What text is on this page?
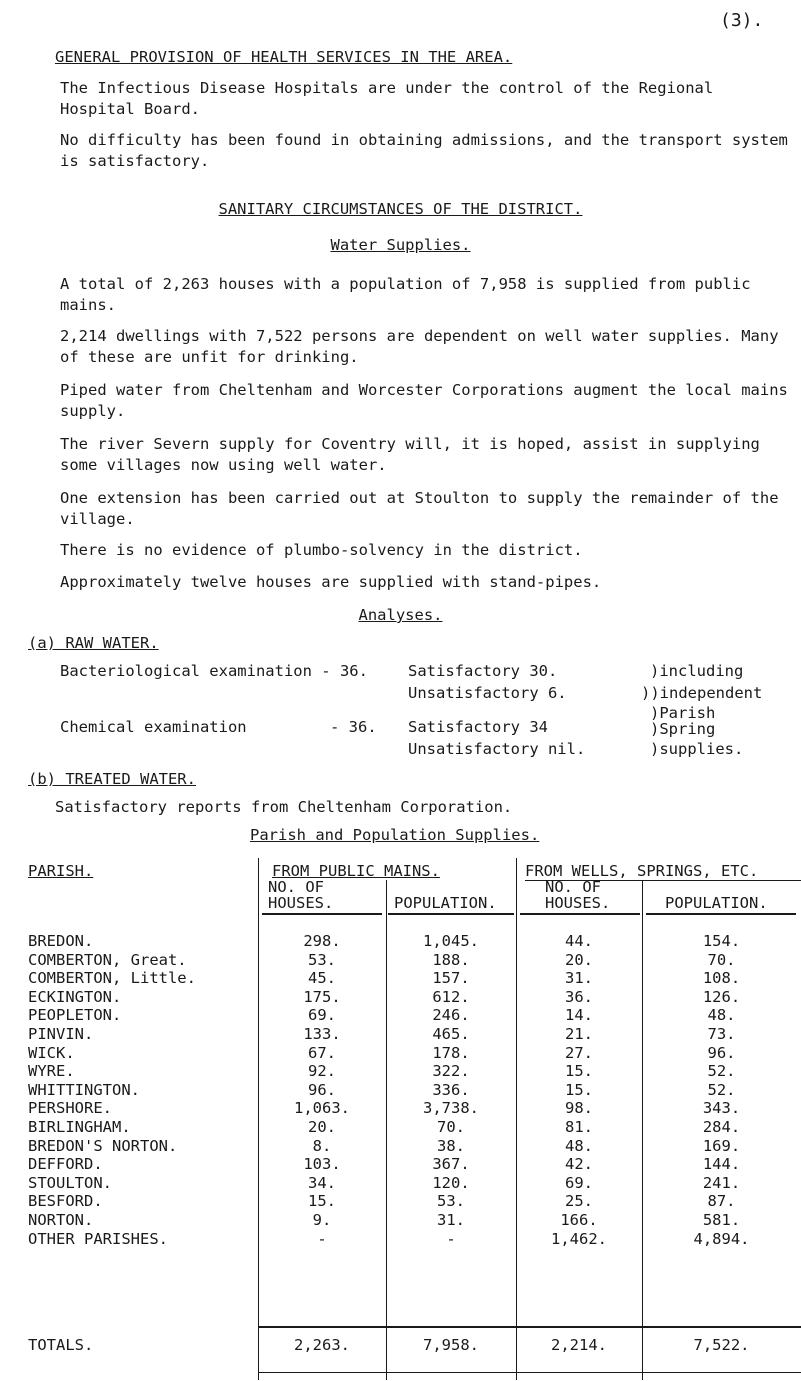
(3).
GENERAL PROVISION OF HEALTH SERVICES IN THE AREA.
The Infectious Disease Hospitals are under the control of the Regional Hospital Board.
No difficulty has been found in obtaining admissions, and the transport system is satisfactory.
SANITARY CIRCUMSTANCES OF THE DISTRICT.
Water Supplies.
A total of 2,263 houses with a population of 7,958 is supplied from public mains.
2,214 dwellings with 7,522 persons are dependent on well water supplies. Many of these are unfit for drinking.
Piped water from Cheltenham and Worcester Corporations augment the local mains supply.
The river Severn supply for Coventry will, it is hoped, assist in supplying some villages now using well water.
One extension has been carried out at Stoulton to supply the remainder of the village.
There is no evidence of plumbo-solvency in the district.
Approximately twelve houses are supplied with stand-pipes.
Analyses.
(a) RAW WATER.
Bacteriological examination - 36.	Satisfactory 30.
Unsatisfactory 6.
Chemical examination	- 36. Satisfactory 34
Unsatisfactory nil.
)including
))independent
)Parish
)Spring
)supplies.
(b) TREATED WATER.
Satisfactory reports from Cheltenham Corporation.
Parish and Population Supplies.
PARISH.	FROM PUBLIC MAINS.	FROM WELLS, SPRINGS, ETC.
NO. OF
HOUSES.	POPULATION.
NO. OF
HOUSES.	POPULATION.
BREDON.	298.	1,045.	44.	154.
COMBERTON, Great.	53.	188.	20.	70.
COMBERTON, Little.	45.	157.	31.	108.
ECKINGTON.	175.	612.	36.	126.
PEOPLETON.	69.	246.	14.	48.
PINVIN.	133.	465.	21.	73.
WICK.	67.	178.	27.	96.
WYRE.	92.	322.	15.	52.
WHITTINGTON.	96.	336.	15.	52.
PERSHORE.	1,063.	3,738.	98.	343.
BIRLINGHAM.	20.	70.	81.	284.
BREDON'S NORTON.	8.	38.	48.	169.
DEFFORD.	103.	367.	42.	144.
STOULTON.	34.	120.	69.	241.
BESFORD.	15.	53.	25.	87.
NORTON.	9.	31.	166.	581.
OTHER PARISHES.	-	-	1,462.	4,894.
TOTALS.	2,263.	7,958.	2,214.	7,522.
